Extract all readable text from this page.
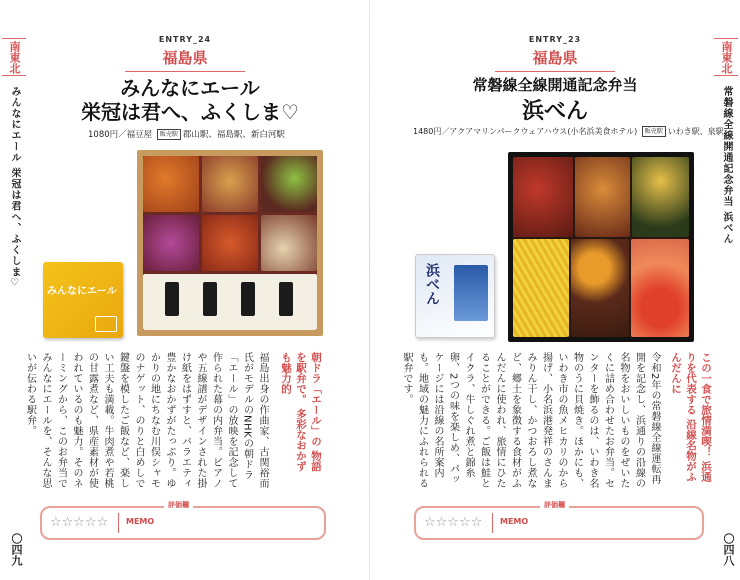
南東北
みんなにエール 栄冠は君へ、ふくしま♡
〇四九
ENTRY_24
福島県
みんなにエール
栄冠は君へ、ふくしま♡
1080円／福豆屋 販売駅 郡山駅、福島駅、新白河駅
みんなにエール
朝ドラ「エール」の 物語を駅弁で。 多彩なおかずも魅力的
福島出身の作曲家、古関裕而氏がモデルのNHKの朝ドラ「エール」の放映を記念して作られた幕の内弁当。ピアノや五線譜がデザインされた掛け紙をはずすと、バラエティ豊かなおかずがたっぷり。ゆかりの地にちなむ川俣シャモのナゲット、のりと白めしで鍵盤を模したご飯など、楽しい工夫も満載。牛肉煮や若桃の甘露煮など、県産素材が使われているのも魅力。そのネーミングから、このお弁当でみんなにエールを、そんな思いが伝わる駅弁。
評価欄
☆☆☆☆☆ MEMO
南東北
常磐線全線開通記念弁当 浜べん
〇四八
ENTRY_23
福島県
常磐線全線開通記念弁当
浜べん
1480円／アクアマリンパークウェアハウス(小名浜美食ホテル) 販売駅 いわき駅、泉駅
浜べん
この一食で旅情満喫！ 浜通りを代表する 沿線名物がふんだんに
令和2年の常磐線全線運転再開を記念し、浜通りの沿線の名物をおいしいものをぜいたくに詰め合わせたお弁当。センターを飾るのは、いわき名物のうに貝焼き。ほかにも、いわき市の魚メヒカリのから揚げ、小名浜港発祥のさんまみりん干し、かつおろし煮など、郷土を象徴する食材がふんだんに使われ、旅情にひたることができる。ご飯は鮭とイクラ、牛しぐれ煮と錦糸卵、2つの味を楽しめ、パッケージには沿線の名所案内も。地域の魅力にふれられる駅弁です。
評価欄
☆☆☆☆☆ MEMO
